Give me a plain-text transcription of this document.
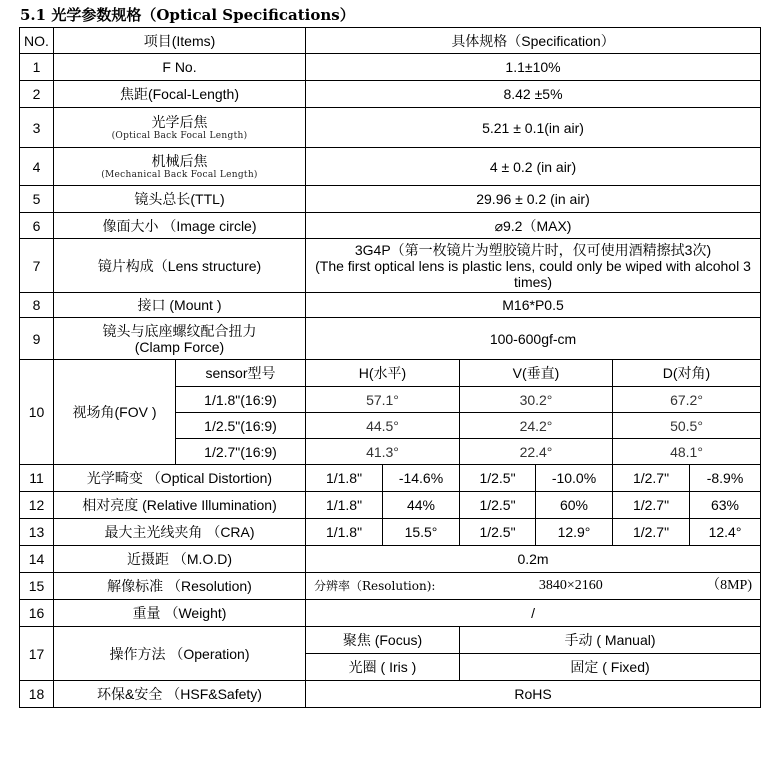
5.1 光学参数规格（Optical Specifications）
NO.	项目(Items)		具体规格（Specification）					
1	F No.		1.1±10%					
2	焦距(Focal-Length)		8.42 ±5%					
3	光学后焦
(Optical Back Focal Length)		5.21 ± 0.1(in air)					
4	机械后焦
(Mechanical Back Focal Length)		4 ± 0.2 (in air)					
5	镜头总长(TTL)		29.96 ± 0.2 (in air)					
6	像面大小 （Image circle)		⌀9.2（MAX)					
7	镜片构成（Lens structure)		3G4P（第一枚镜片为塑胶镜片时，仅可使用酒精擦拭3次)
(The first optical lens is plastic lens, could only be wiped with alcohol 3 times)					

8	接口 (Mount )		M16*P0.5					
9	镜头与底座螺纹配合扭力
(Clamp Force)		100-600gf-cm					
10	视场角(FOV )	sensor型号	H(水平)		V(垂直)		D(对角)	
		1/1.8"(16:9)	57.1°		30.2°		67.2°	
		1/2.5"(16:9)	44.5°		24.2°		50.5°	
		1/2.7"(16:9)	41.3°		22.4°		48.1°	
11	光学畸变 （Optical Distortion)		1/1.8"	-14.6%	1/2.5"	-10.0%	1/2.7"	-8.9%
12	相对亮度 (Relative Illumination)		1/1.8"	44%	1/2.5"	60%	1/2.7"	63%
13	最大主光线夹角 （CRA)		1/1.8"	15.5°	1/2.5"	12.9°	1/2.7"	12.4°
14	近摄距 （M.O.D)		0.2m					
15	解像标准 （Resolution)		分辨率（Resolution): 3840×2160 （8MP)					

16	重量 （Weight)		/					
17	操作方法 （Operation)		聚焦 (Focus)		手动 ( Manual)			
			光圈 ( Iris )		固定 ( Fixed)			
18	环保&安全 （HSF&Safety)		RoHS					
